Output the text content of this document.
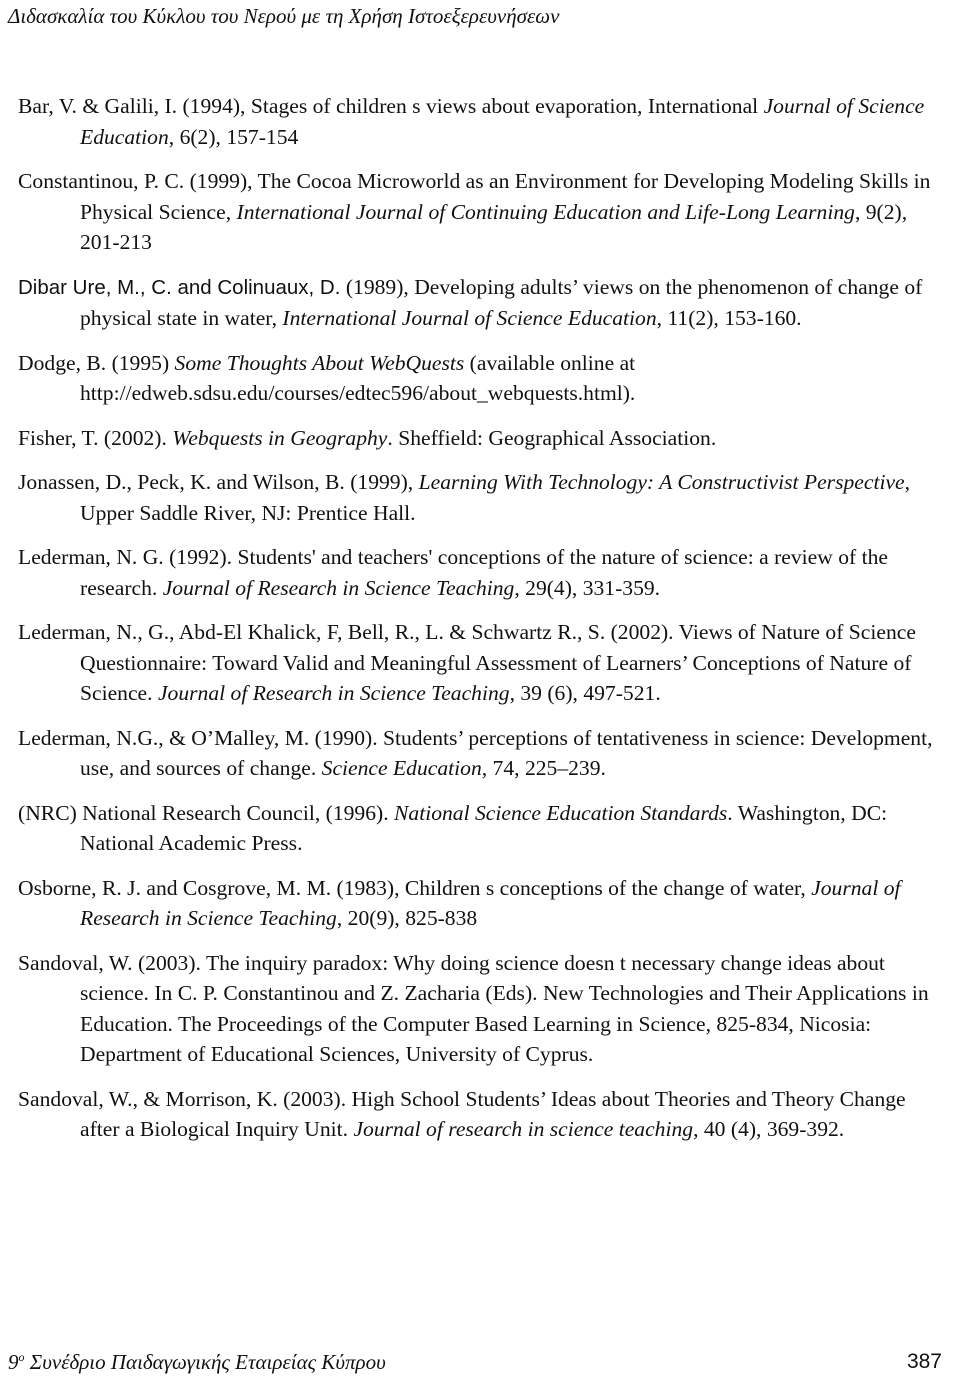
Διδασκαλία του Κύκλου του Νερού με τη Χρήση Ιστοεξερευνήσεων

Bar, V. & Galili, I. (1994), Stages of children s views about evaporation, International Journal of Science Education, 6(2), 157-154

Constantinou, P. C. (1999), The Cocoa Microworld as an Environment for Developing Modeling Skills in Physical Science, International Journal of Continuing Education and Life-Long Learning, 9(2), 201-213

Dibar Ure, M., C. and Colinuaux, D. (1989), Developing adults’ views on the phenomenon of change of physical state in water, International Journal of Science Education, 11(2), 153-160.

Dodge, B. (1995) Some Thoughts About WebQuests (available online at http://edweb.sdsu.edu/courses/edtec596/about_webquests.html).

Fisher, T. (2002). Webquests in Geography. Sheffield: Geographical Association.

Jonassen, D., Peck, K. and Wilson, B. (1999), Learning With Technology: A Constructivist Perspective, Upper Saddle River, NJ: Prentice Hall.

Lederman, N. G. (1992). Students' and teachers' conceptions of the nature of science: a review of the research. Journal of Research in Science Teaching, 29(4), 331-359.

Lederman, N., G., Abd-El Khalick, F, Bell, R., L. & Schwartz R., S. (2002). Views of Nature of Science Questionnaire: Toward Valid and Meaningful Assessment of Learners’ Conceptions of Nature of Science. Journal of Research in Science Teaching, 39 (6), 497-521.

Lederman, N.G., & O’Malley, M. (1990). Students’ perceptions of tentativeness in science: Development, use, and sources of change. Science Education, 74, 225–239.

(NRC) National Research Council, (1996). National Science Education Standards. Washington, DC: National Academic Press.

Osborne, R. J. and Cosgrove, M. M. (1983), Children s conceptions of the change of water, Journal of Research in Science Teaching, 20(9), 825-838

Sandoval, W. (2003). The inquiry paradox: Why doing science doesn t necessary change ideas about science. In C. P. Constantinou and Z. Zacharia (Eds). New Technologies and Their Applications in Education. The Proceedings of the Computer Based Learning in Science, 825-834, Nicosia: Department of Educational Sciences, University of Cyprus.

Sandoval, W., & Morrison, K. (2003). High School Students’ Ideas about Theories and Theory Change after a Biological Inquiry Unit. Journal of research in science teaching, 40 (4), 369-392.

$9^o$ Συνέδριο Παιδαγωγικής Εταιρείας Κύπρου	387
